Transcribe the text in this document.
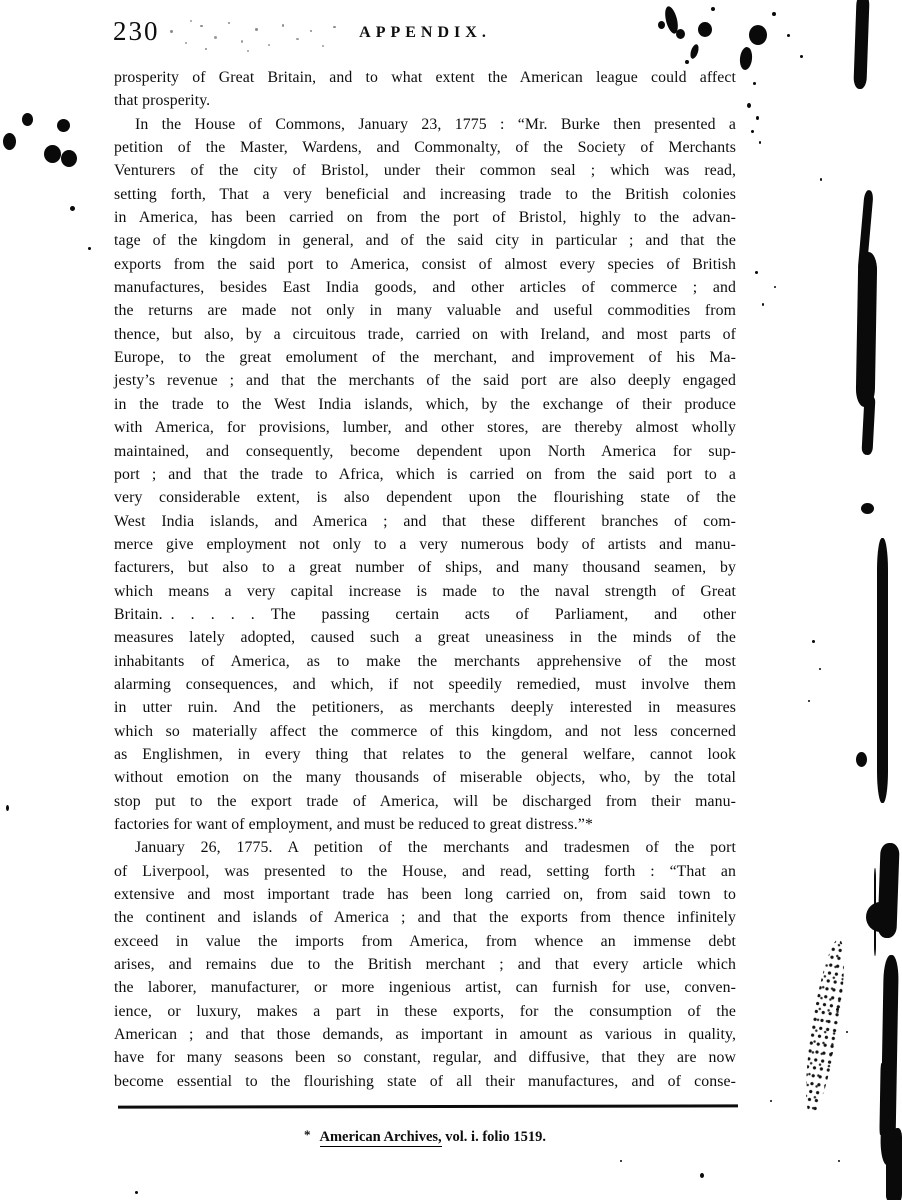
230	APPENDIX.
prosperity of Great Britain, and to what extent the American league could affect
that prosperity.
In the House of Commons, January 23, 1775 : “Mr. Burke then presented a
petition of the Master, Wardens, and Commonalty, of the Society of Merchants
Venturers of the city of Bristol, under their common seal ; which was read,
setting forth, That a very beneficial and increasing trade to the British colonies
in America, has been carried on from the port of Bristol, highly to the advan-
tage of the kingdom in general, and of the said city in particular ; and that the
exports from the said port to America, consist of almost every species of British
manufactures, besides East India goods, and other articles of commerce ; and
the returns are made not only in many valuable and useful commodities from
thence, but also, by a circuitous trade, carried on with Ireland, and most parts of
Europe, to the great emolument of the merchant, and improvement of his Ma-
jesty’s revenue ; and that the merchants of the said port are also deeply engaged
in the trade to the West India islands, which, by the exchange of their produce
with America, for provisions, lumber, and other stores, are thereby almost wholly
maintained, and consequently, become dependent upon North America for sup-
port ; and that the trade to Africa, which is carried on from the said port to a
very considerable extent, is also dependent upon the flourishing state of the
West India islands, and America ; and that these different branches of com-
merce give employment not only to a very numerous body of artists and manu-
facturers, but also to a great number of ships, and many thousand seamen, by
which means a very capital increase is made to the naval strength of Great
Britain. .  .  .  .  .  The passing certain acts of Parliament, and other
measures lately adopted, caused such a great uneasiness in the minds of the
inhabitants of America, as to make the merchants apprehensive of the most
alarming consequences, and which, if not speedily remedied, must involve them
in utter ruin. And the petitioners, as merchants deeply interested in measures
which so materially affect the commerce of this kingdom, and not less concerned
as Englishmen, in every thing that relates to the general welfare, cannot look
without emotion on the many thousands of miserable objects, who, by the total
stop put to the export trade of America, will be discharged from their manu-
factories for want of employment, and must be reduced to great distress.”*
January 26, 1775. A petition of the merchants and tradesmen of the port
of Liverpool, was presented to the House, and read, setting forth : “That an
extensive and most important trade has been long carried on, from said town to
the continent and islands of America ; and that the exports from thence infinitely
exceed in value the imports from America, from whence an immense debt
arises, and remains due to the British merchant ; and that every article which
the laborer, manufacturer, or more ingenious artist, can furnish for use, conven-
ience, or luxury, makes a part in these exports, for the consumption of the
American ; and that those demands, as important in amount as various in quality,
have for many seasons been so constant, regular, and diffusive, that they are now
become essential to the flourishing state of all their manufactures, and of conse-
* American Archives, vol. i. folio 1519.
